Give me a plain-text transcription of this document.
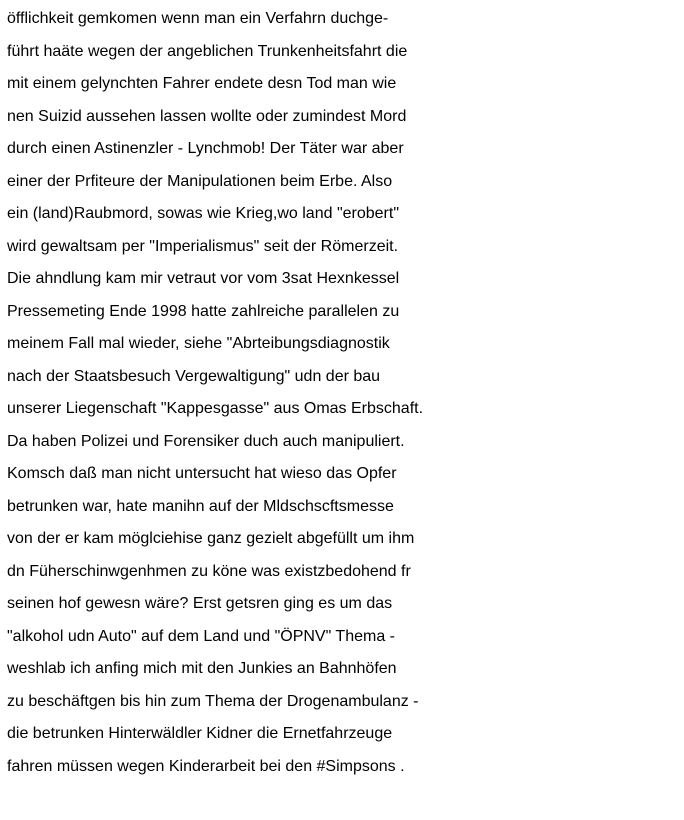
öfflichkeit gemkomen wenn man ein Verfahrn duchge-
führt haäte wegen der angeblichen Trunkenheitsfahrt die
mit einem gelynchten Fahrer endete desn Tod man wie
nen Suizid aussehen lassen wollte oder zumindest Mord
durch einen Astinenzler - Lynchmob! Der Täter war aber
einer der Prfiteure der Manipulationen beim Erbe. Also
ein (land)Raubmord, sowas wie Krieg,wo land "erobert"
wird gewaltsam per "Imperialismus" seit der Römerzeit.
Die ahndlung kam mir vetraut vor vom 3sat Hexnkessel
Pressemeting Ende 1998 hatte zahlreiche parallelen zu
meinem Fall mal wieder, siehe "Abrteibungsdiagnostik
nach der Staatsbesuch Vergewaltigung" udn der bau
unserer Liegenschaft "Kappesgasse" aus Omas Erbschaft.
Da haben Polizei und Forensiker duch auch manipuliert.
Komsch daß man nicht untersucht hat wieso das Opfer
betrunken war, hate manihn auf der Mldschscftsmesse
von der er kam möglciehise ganz gezielt abgefüllt um ihm
dn Füherschinwgenhmen zu köne was existzbedohend fr
seinen hof gewesn wäre? Erst getsren ging es um das
"alkohol udn Auto" auf dem Land und "ÖPNV" Thema -
weshlab ich anfing mich mit den Junkies an Bahnhöfen
zu beschäftgen bis hin zum Thema der Drogenambulanz -
die betrunken Hinterwäldler Kidner die Ernetfahrzeuge
fahren müssen wegen Kinderarbeit bei den #Simpsons .
